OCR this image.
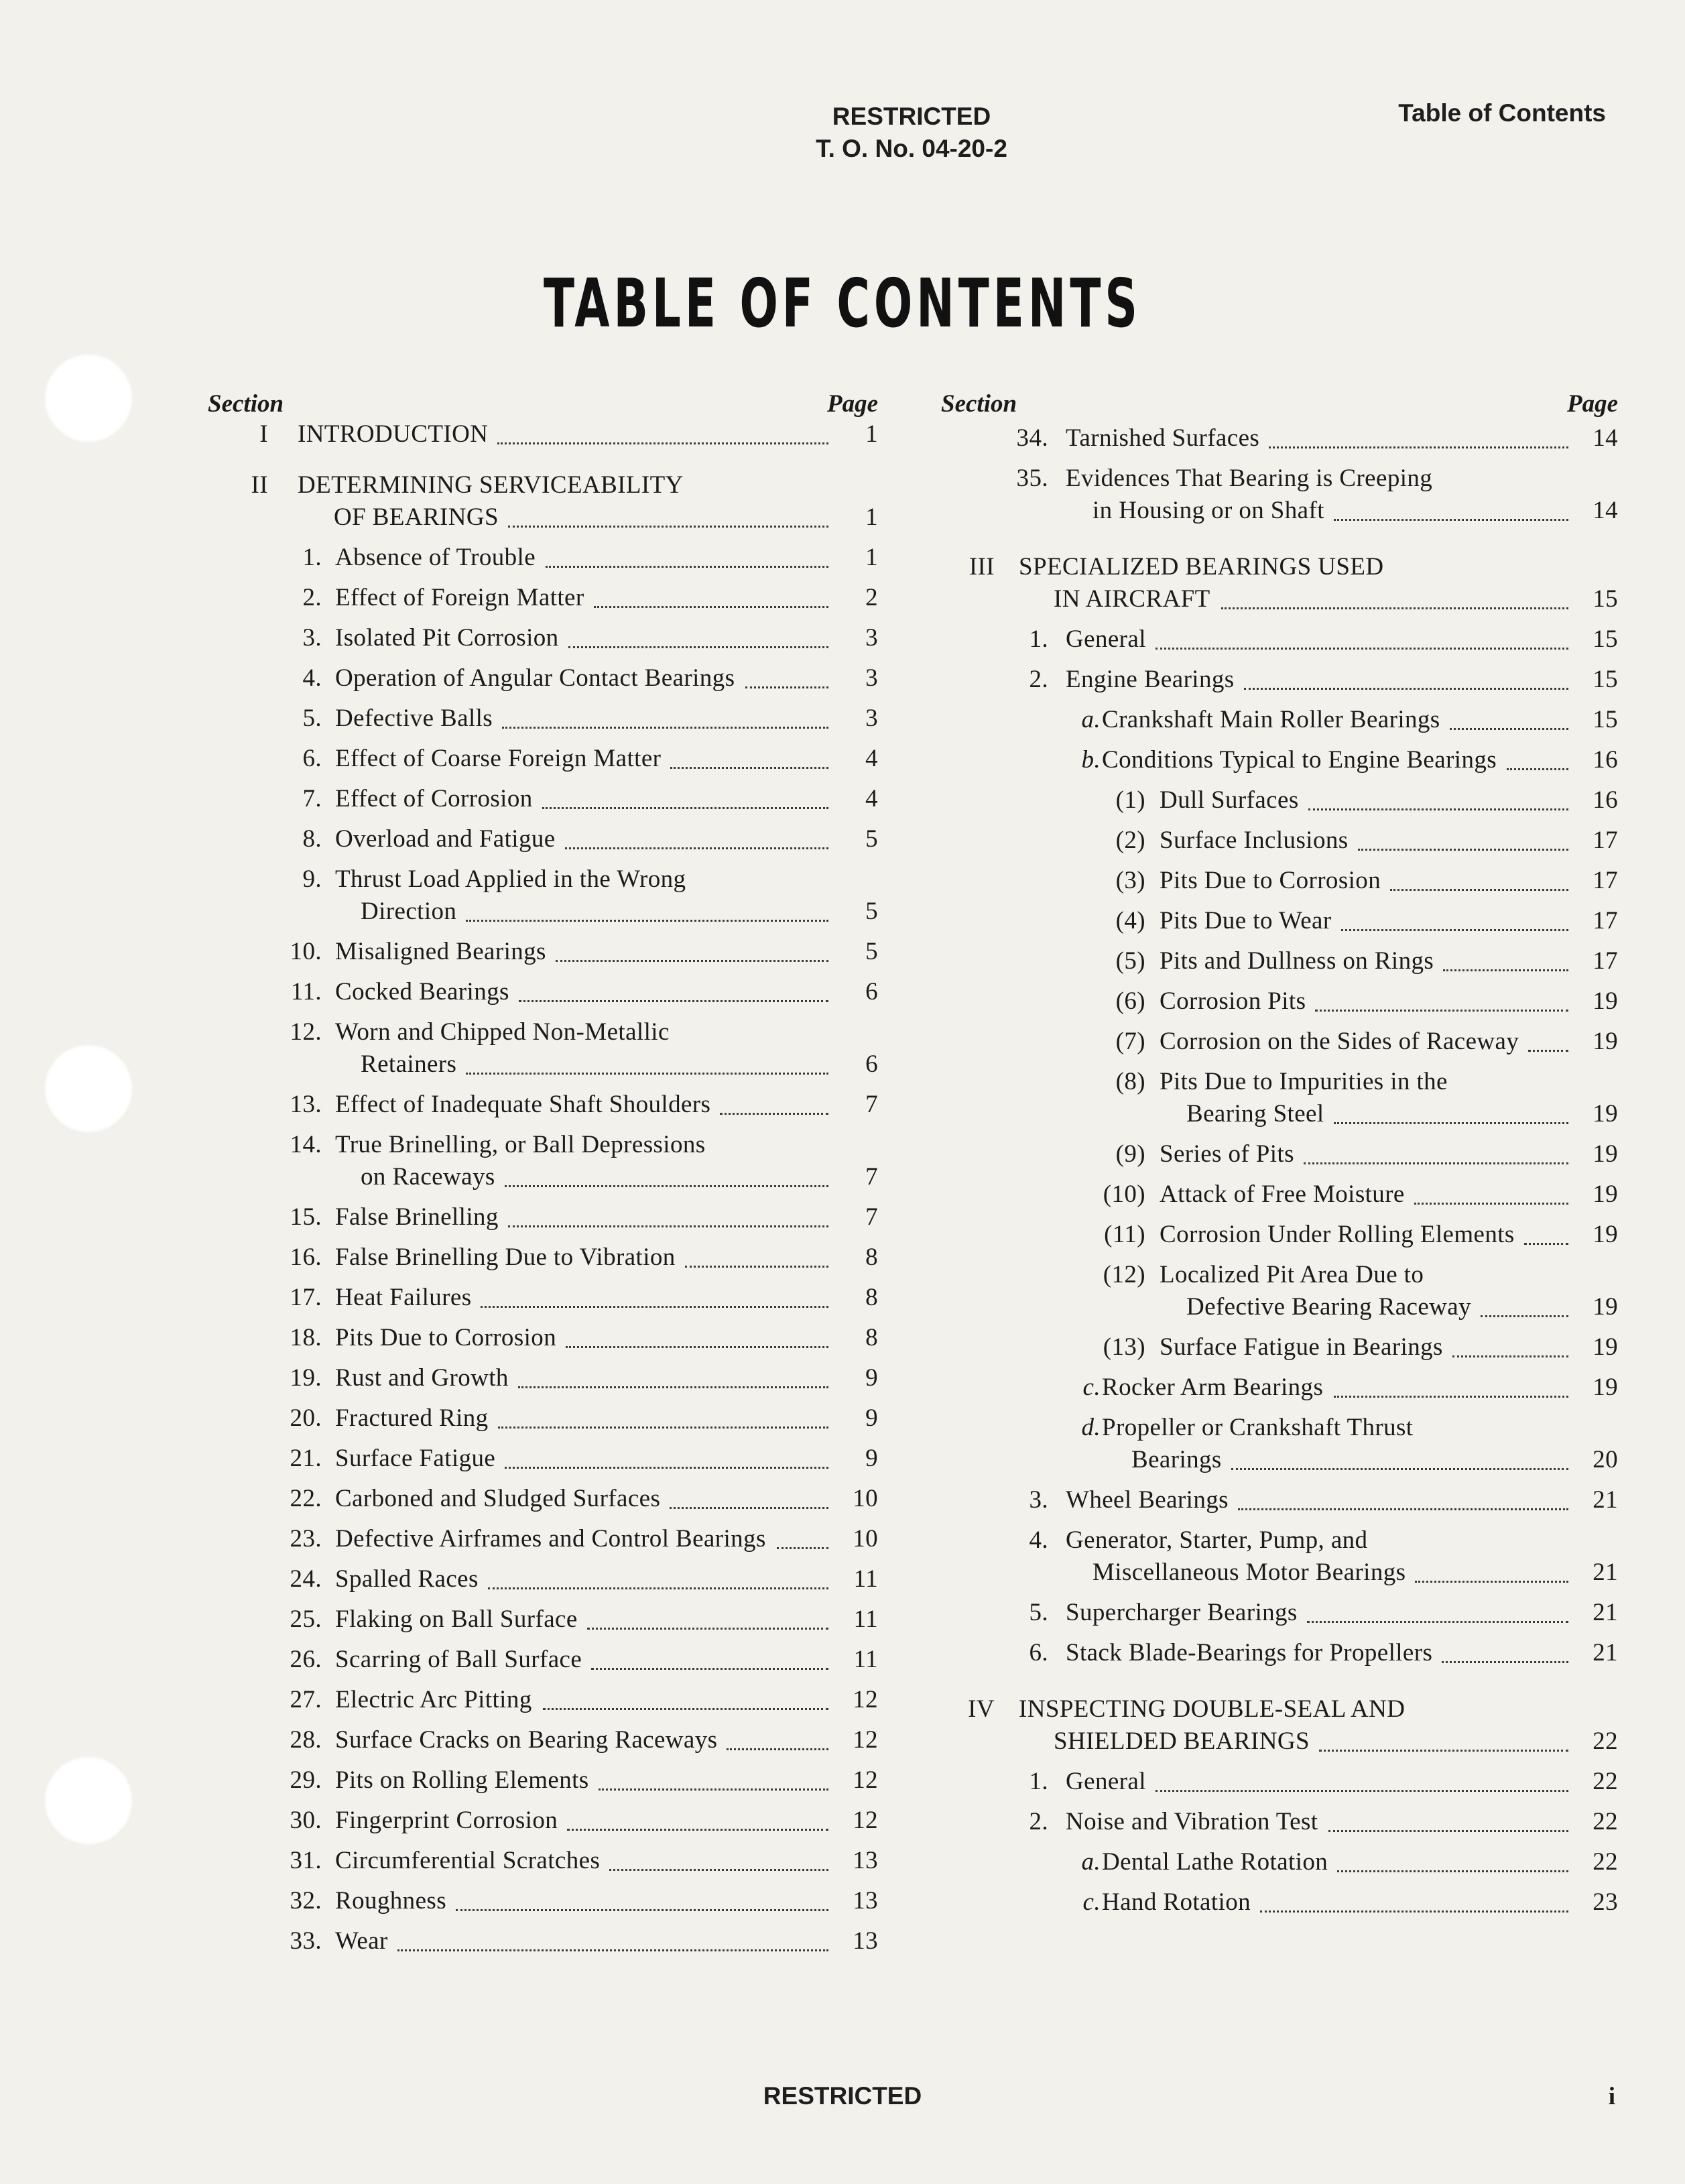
RESTRICTED
T. O. No. 04-20-2
Table of Contents
TABLE OF CONTENTS
Section	Page
I INTRODUCTION	1
II DETERMINING SERVICEABILITY
OF BEARINGS	1
1. Absence of Trouble	1
2. Effect of Foreign Matter	2
3. Isolated Pit Corrosion	3
4. Operation of Angular Contact Bearings	3
5. Defective Balls	3
6. Effect of Coarse Foreign Matter	4
7. Effect of Corrosion	4
8. Overload and Fatigue	5
9. Thrust Load Applied in the Wrong
Direction	5
10. Misaligned Bearings	5
11. Cocked Bearings	6
12. Worn and Chipped Non-Metallic
Retainers	6
13. Effect of Inadequate Shaft Shoulders	7
14. True Brinelling, or Ball Depressions
on Raceways	7
15. False Brinelling	7
16. False Brinelling Due to Vibration	8
17. Heat Failures	8
18. Pits Due to Corrosion	8
19. Rust and Growth	9
20. Fractured Ring	9
21. Surface Fatigue	9
22. Carboned and Sludged Surfaces	10
23. Defective Airframes and Control Bearings	10
24. Spalled Races	11
25. Flaking on Ball Surface	11
26. Scarring of Ball Surface	11
27. Electric Arc Pitting	12
28. Surface Cracks on Bearing Raceways	12
29. Pits on Rolling Elements	12
30. Fingerprint Corrosion	12
31. Circumferential Scratches	13
32. Roughness	13
33. Wear	13
Section	Page
34. Tarnished Surfaces	14
35. Evidences That Bearing is Creeping
in Housing or on Shaft	14
III SPECIALIZED BEARINGS USED
IN AIRCRAFT	15
1. General	15
2. Engine Bearings	15
a. Crankshaft Main Roller Bearings	15
b. Conditions Typical to Engine Bearings	16
(1) Dull Surfaces	16
(2) Surface Inclusions	17
(3) Pits Due to Corrosion	17
(4) Pits Due to Wear	17
(5) Pits and Dullness on Rings	17
(6) Corrosion Pits	19
(7) Corrosion on the Sides of Raceway	19
(8) Pits Due to Impurities in the
Bearing Steel	19
(9) Series of Pits	19
(10) Attack of Free Moisture	19
(11) Corrosion Under Rolling Elements	19
(12) Localized Pit Area Due to
Defective Bearing Raceway	19
(13) Surface Fatigue in Bearings	19
c. Rocker Arm Bearings	19
d. Propeller or Crankshaft Thrust
Bearings	20
3. Wheel Bearings	21
4. Generator, Starter, Pump, and
Miscellaneous Motor Bearings	21
5. Supercharger Bearings	21
6. Stack Blade-Bearings for Propellers	21
IV INSPECTING DOUBLE-SEAL AND
SHIELDED BEARINGS	22
1. General	22
2. Noise and Vibration Test	22
a. Dental Lathe Rotation	22
c. Hand Rotation	23
RESTRICTED	i
